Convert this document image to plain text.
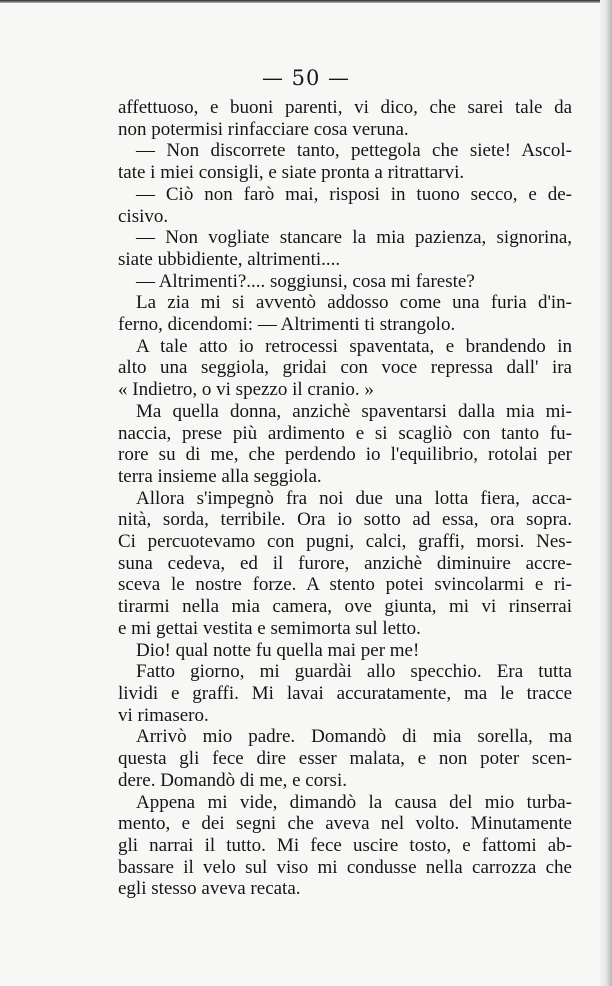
— 50 —
affettuoso, e buoni parenti, vi dico, che sarei tale da
non potermisi rinfacciare cosa veruna.
— Non discorrete tanto, pettegola che siete! Ascol-
tate i miei consigli, e siate pronta a ritrattarvi.
— Ciò non farò mai, risposi in tuono secco, e de-
cisivo.
— Non vogliate stancare la mia pazienza, signorina,
siate ubbidiente, altrimenti....
— Altrimenti?.... soggiunsi, cosa mi fareste?
La zia mi si avventò addosso come una furia d'in-
ferno, dicendomi: — Altrimenti ti strangolo.
A tale atto io retrocessi spaventata, e brandendo in
alto una seggiola, gridai con voce repressa dall' ira
« Indietro, o vi spezzo il cranio. »
Ma quella donna, anzichè spaventarsi dalla mia mi-
naccia, prese più ardimento e si scagliò con tanto fu-
rore su di me, che perdendo io l'equilibrio, rotolai per
terra insieme alla seggiola.
Allora s'impegnò fra noi due una lotta fiera, acca-
nità, sorda, terribile. Ora io sotto ad essa, ora sopra.
Ci percuotevamo con pugni, calci, graffi, morsi. Nes-
suna cedeva, ed il furore, anzichè diminuire accre-
sceva le nostre forze. A stento potei svincolarmi e ri-
tirarmi nella mia camera, ove giunta, mi vi rinserrai
e mi gettai vestita e semimorta sul letto.
Dio! qual notte fu quella mai per me!
Fatto giorno, mi guardài allo specchio. Era tutta
lividi e graffi. Mi lavai accuratamente, ma le tracce
vi rimasero.
Arrivò mio padre. Domandò di mia sorella, ma
questa gli fece dire esser malata, e non poter scen-
dere. Domandò di me, e corsi.
Appena mi vide, dimandò la causa del mio turba-
mento, e dei segni che aveva nel volto. Minutamente
gli narrai il tutto. Mi fece uscire tosto, e fattomi ab-
bassare il velo sul viso mi condusse nella carrozza che
egli stesso aveva recata.
